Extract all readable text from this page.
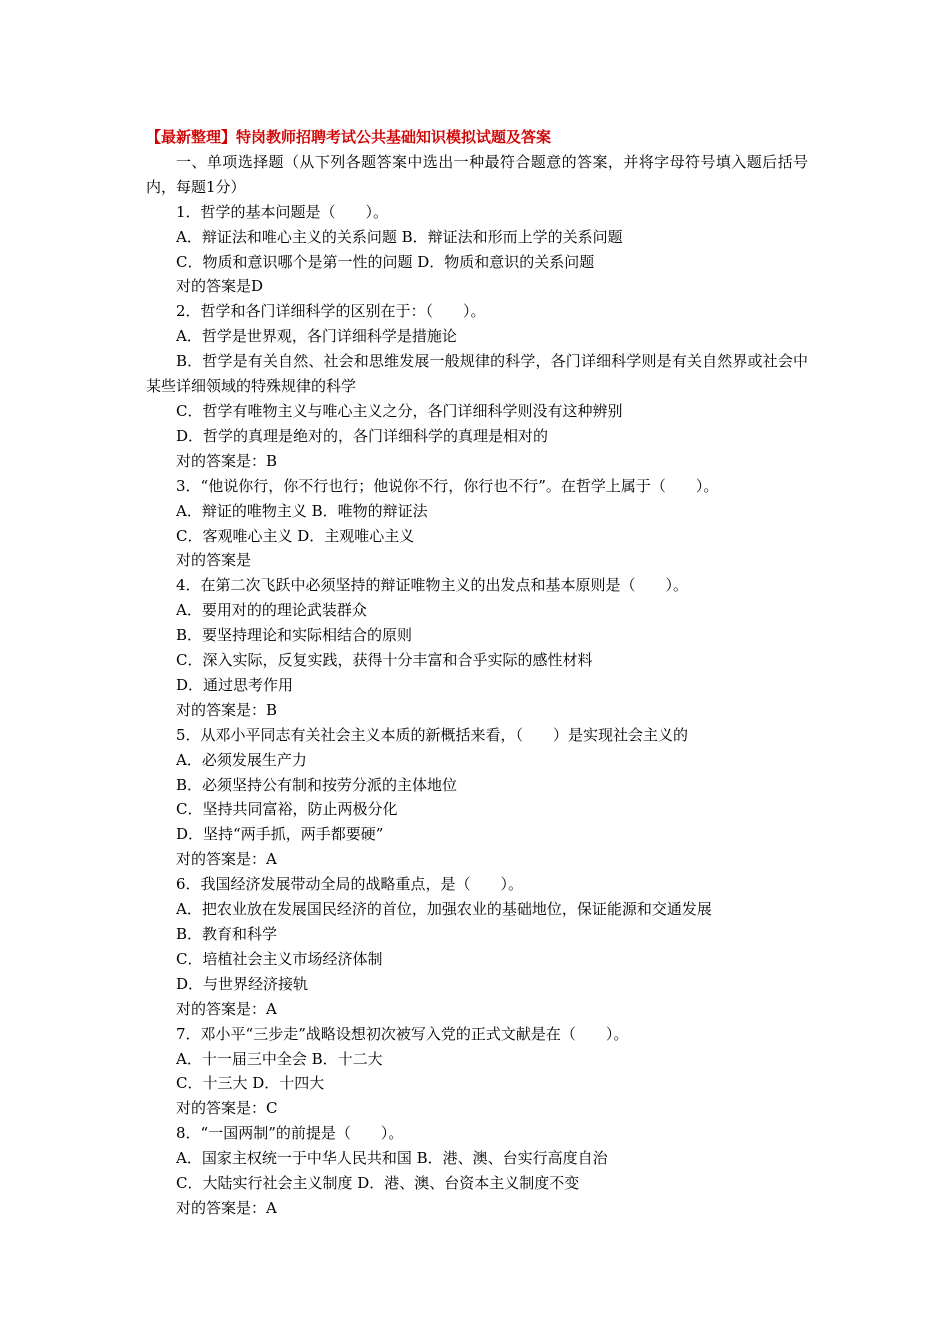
【最新整理】特岗教师招聘考试公共基础知识模拟试题及答案
一、单项选择题（从下列各题答案中选出一种最符合题意的答案，并将字母符号填入题后括号内，每题1分）
1．哲学的基本问题是（　　）。
A．辩证法和唯心主义的关系问题 B．辩证法和形而上学的关系问题
C．物质和意识哪个是第一性的问题 D．物质和意识的关系问题
对的答案是D
2．哲学和各门详细科学的区别在于：（　　）。
A．哲学是世界观，各门详细科学是措施论
B．哲学是有关自然、社会和思维发展一般规律的科学，各门详细科学则是有关自然界或社会中某些详细领域的特殊规律的科学
C．哲学有唯物主义与唯心主义之分，各门详细科学则没有这种辨别
D．哲学的真理是绝对的，各门详细科学的真理是相对的
对的答案是：B
3．“他说你行，你不行也行；他说你不行，你行也不行”。在哲学上属于（　　）。
A．辩证的唯物主义 B．唯物的辩证法
C．客观唯心主义 D．主观唯心主义
对的答案是
4．在第二次飞跃中必须坚持的辩证唯物主义的出发点和基本原则是（　　）。
A．要用对的的理论武装群众
B．要坚持理论和实际相结合的原则
C．深入实际，反复实践，获得十分丰富和合乎实际的感性材料
D．通过思考作用
对的答案是：B
5．从邓小平同志有关社会主义本质的新概括来看，（　　）是实现社会主义的
A．必须发展生产力
B．必须坚持公有制和按劳分派的主体地位
C．坚持共同富裕，防止两极分化
D．坚持“两手抓，两手都要硬”
对的答案是：A
6．我国经济发展带动全局的战略重点，是（　　）。
A．把农业放在发展国民经济的首位，加强农业的基础地位，保证能源和交通发展
B．教育和科学
C．培植社会主义市场经济体制
D．与世界经济接轨
对的答案是：A
7．邓小平“三步走”战略设想初次被写入党的正式文献是在（　　）。
A．十一届三中全会 B．十二大
C．十三大 D．十四大
对的答案是：C
8．“一国两制”的前提是（　　）。
A．国家主权统一于中华人民共和国 B．港、澳、台实行高度自治
C．大陆实行社会主义制度 D．港、澳、台资本主义制度不变
对的答案是：A
